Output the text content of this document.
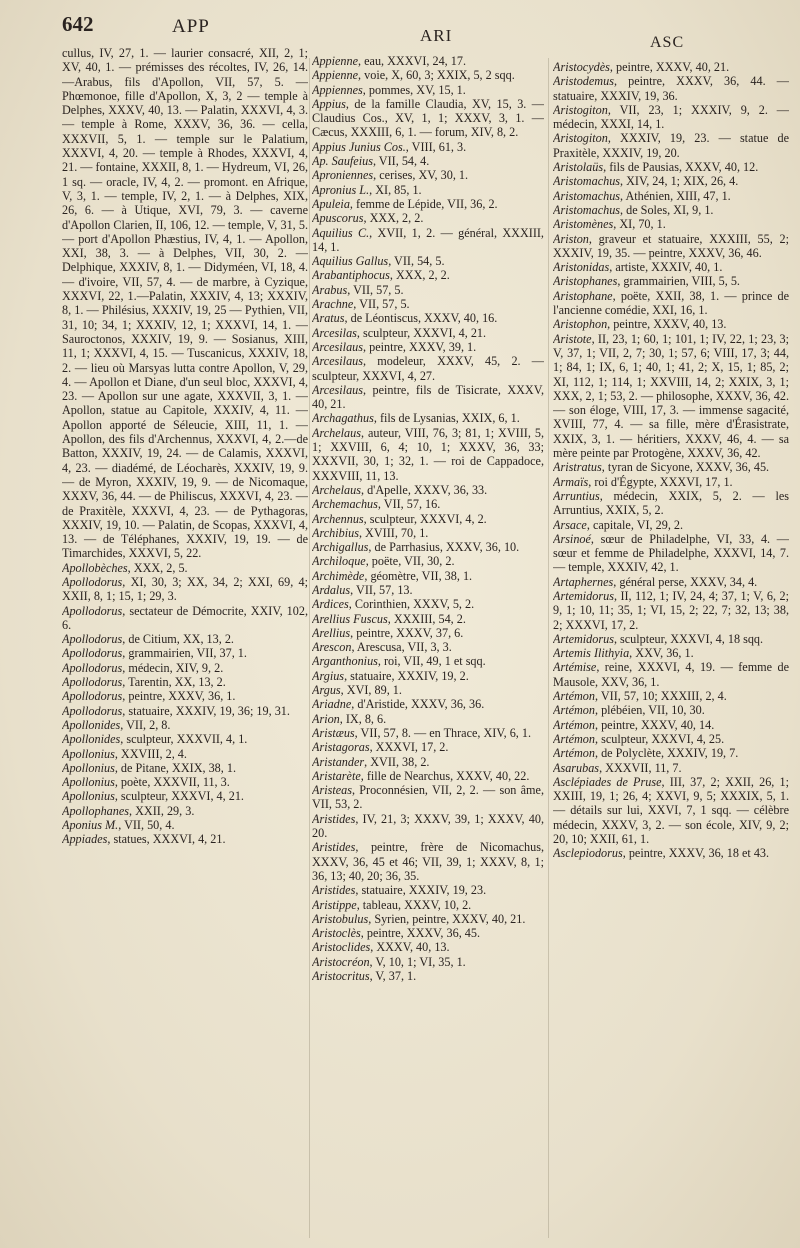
642	APP	ARI	ASC

cullus, IV, 27, 1. — laurier consacré, XII, 2, 1; XV, 40, 1. — prémisses des récoltes, IV, 26, 14. —Arabus, fils d'Apollon, VII, 57, 5. — Phœmonoe, fille d'Apollon, X, 3, 2 — temple à Delphes, XXXV, 40, 13. — Palatin, XXXVI, 4, 3. — temple à Rome, XXXV, 36, 36. — cella, XXXVII, 5, 1. — temple sur le Palatium, XXXVI, 4, 20. — temple à Rhodes, XXXVI, 4, 21. — fontaine, XXXII, 8, 1. — Hydreum, VI, 26, 1 sq. — oracle, IV, 4, 2. — promont. en Afrique, V, 3, 1. — temple, IV, 2, 1. — à Delphes, XIX, 26, 6. — à Utique, XVI, 79, 3. — caverne d'Apollon Clarien, II, 106, 12. — temple, V, 31, 5. — port d'Apollon Phæstius, IV, 4, 1. — Apollon, XXI, 38, 3. — à Delphes, VII, 30, 2. — Delphique, XXXIV, 8, 1. — Didyméen, VI, 18, 4. — d'ivoire, VII, 57, 4. — de marbre, à Cyzique, XXXVI, 22, 1.—Palatin, XXXIV, 4, 13; XXXIV, 8, 1. — Philésius, XXXIV, 19, 25 — Pythien, VII, 31, 10; 34, 1; XXXIV, 12, 1; XXXVI, 14, 1. — Sauroctonos, XXXIV, 19, 9. — Sosianus, XIII, 11, 1; XXXVI, 4, 15. — Tuscanicus, XXXIV, 18, 2. — lieu où Marsyas lutta contre Apollon, V, 29, 4. — Apollon et Diane, d'un seul bloc, XXXVI, 4, 23. — Apollon sur une agate, XXXVII, 3, 1. — Apollon, statue au Capitole, XXXIV, 4, 11. — Apollon apporté de Séleucie, XIII, 11, 1. — Apollon, des fils d'Archennus, XXXVI, 4, 2.—de Batton, XXXIV, 19, 24. — de Calamis, XXXVI, 4, 23. — diadémé, de Léocharès, XXXIV, 19, 9. — de Myron, XXXIV, 19, 9. — de Nicomaque, XXXV, 36, 44. — de Philiscus, XXXVI, 4, 23. — de Praxitèle, XXXVI, 4, 23. — de Pythagoras, XXXIV, 19, 10. — Palatin, de Scopas, XXXVI, 4, 13. — de Téléphanes, XXXIV, 19, 19. — de Timarchides, XXXVI, 5, 22.

Apollobèches, XXX, 2, 5.

Apollodorus, XI, 30, 3; XX, 34, 2; XXI, 69, 4; XXII, 8, 1; 15, 1; 29, 3.

Apollodorus, sectateur de Démocrite, XXIV, 102, 6.

Apollodorus, de Citium, XX, 13, 2.

Apollodorus, grammairien, VII, 37, 1.

Apollodorus, médecin, XIV, 9, 2.

Apollodorus, Tarentin, XX, 13, 2.

Apollodorus, peintre, XXXV, 36, 1.

Apollodorus, statuaire, XXXIV, 19, 36; 19, 31.

Apollonides, VII, 2, 8.

Apollonides, sculpteur, XXXVII, 4, 1.

Apollonius, XXVIII, 2, 4.

Apollonius, de Pitane, XXIX, 38, 1.

Apollonius, poète, XXXVII, 11, 3.

Apollonius, sculpteur, XXXVI, 4, 21.

Apollophanes, XXII, 29, 3.

Aponius M., VII, 50, 4.

Appiades, statues, XXXVI, 4, 21.

Appienne, eau, XXXVI, 24, 17.

Appienne, voie, X, 60, 3; XXIX, 5, 2 sqq.

Appiennes, pommes, XV, 15, 1.

Appius, de la famille Claudia, XV, 15, 3. — Claudius Cos., XV, 1, 1; XXXV, 3, 1. — Cæcus, XXXIII, 6, 1. — forum, XIV, 8, 2.

Appius Junius Cos., VIII, 61, 3.

Ap. Saufeius, VII, 54, 4.

Aproniennes, cerises, XV, 30, 1.

Apronius L., XI, 85, 1.

Apuleia, femme de Lépide, VII, 36, 2.

Apuscorus, XXX, 2, 2.

Aquilius C., XVII, 1, 2. — général, XXXIII, 14, 1.

Aquilius Gallus, VII, 54, 5.

Arabantiphocus, XXX, 2, 2.

Arabus, VII, 57, 5.

Arachne, VII, 57, 5.

Aratus, de Léontiscus, XXXV, 40, 16.

Arcesilas, sculpteur, XXXVI, 4, 21.

Arcesilaus, peintre, XXXV, 39, 1.

Arcesilaus, modeleur, XXXV, 45, 2. — sculpteur, XXXVI, 4, 27.

Arcesilaus, peintre, fils de Tisicrate, XXXV, 40, 21.

Archagathus, fils de Lysanias, XXIX, 6, 1.

Archelaus, auteur, VIII, 76, 3; 81, 1; XVIII, 5, 1; XXVIII, 6, 4; 10, 1; XXXV, 36, 33; XXXVII, 30, 1; 32, 1. — roi de Cappadoce, XXXVIII, 11, 13.

Archelaus, d'Apelle, XXXV, 36, 33.

Archemachus, VII, 57, 16.

Archennus, sculpteur, XXXVI, 4, 2.

Archibius, XVIII, 70, 1.

Archigallus, de Parrhasius, XXXV, 36, 10.

Archiloque, poëte, VII, 30, 2.

Archimède, géomètre, VII, 38, 1.

Ardalus, VII, 57, 13.

Ardices, Corinthien, XXXV, 5, 2.

Arellius Fuscus, XXXIII, 54, 2.

Arellius, peintre, XXXV, 37, 6.

Arescon, Arescusa, VII, 3, 3.

Arganthonius, roi, VII, 49, 1 et sqq.

Argius, statuaire, XXXIV, 19, 2.

Argus, XVI, 89, 1.

Ariadne, d'Aristide, XXXV, 36, 36.

Arion, IX, 8, 6.

Aristæus, VII, 57, 8. — en Thrace, XIV, 6, 1.

Aristagoras, XXXVI, 17, 2.

Aristander, XVII, 38, 2.

Aristarète, fille de Nearchus, XXXV, 40, 22.

Aristeas, Proconnésien, VII, 2, 2. — son âme, VII, 53, 2.

Aristides, IV, 21, 3; XXXV, 39, 1; XXXV, 40, 20.

Aristides, peintre, frère de Nicomachus, XXXV, 36, 45 et 46; VII, 39, 1; XXXV, 8, 1; 36, 13; 40, 20; 36, 35.

Aristides, statuaire, XXXIV, 19, 23.

Aristippe, tableau, XXXV, 10, 2.

Aristobulus, Syrien, peintre, XXXV, 40, 21.

Aristoclès, peintre, XXXV, 36, 45.

Aristoclides, XXXV, 40, 13.

Aristocréon, V, 10, 1; VI, 35, 1.

Aristocritus, V, 37, 1.

Aristocydès, peintre, XXXV, 40, 21.

Aristodemus, peintre, XXXV, 36, 44. — statuaire, XXXIV, 19, 36.

Aristogiton, VII, 23, 1; XXXIV, 9, 2. — médecin, XXXI, 14, 1.

Aristogiton, XXXIV, 19, 23. — statue de Praxitèle, XXXIV, 19, 20.

Aristolaüs, fils de Pausias, XXXV, 40, 12.

Aristomachus, XIV, 24, 1; XIX, 26, 4.

Aristomachus, Athénien, XIII, 47, 1.

Aristomachus, de Soles, XI, 9, 1.

Aristomènes, XI, 70, 1.

Ariston, graveur et statuaire, XXXIII, 55, 2; XXXIV, 19, 35. — peintre, XXXV, 36, 46.

Aristonidas, artiste, XXXIV, 40, 1.

Aristophanes, grammairien, VIII, 5, 5.

Aristophane, poëte, XXII, 38, 1. — prince de l'ancienne comédie, XXI, 16, 1.

Aristophon, peintre, XXXV, 40, 13.

Aristote, II, 23, 1; 60, 1; 101, 1; IV, 22, 1; 23, 3; V, 37, 1; VII, 2, 7; 30, 1; 57, 6; VIII, 17, 3; 44, 1; 84, 1; IX, 6, 1; 40, 1; 41, 2; X, 15, 1; 85, 2; XI, 112, 1; 114, 1; XXVIII, 14, 2; XXIX, 3, 1; XXX, 2, 1; 53, 2. — philosophe, XXXV, 36, 42. — son éloge, VIII, 17, 3. — immense sagacité, XVIII, 77, 4. — sa fille, mère d'Érasistrate, XXIX, 3, 1. — héritiers, XXXV, 46, 4. — sa mère peinte par Protogène, XXXV, 36, 42.

Aristratus, tyran de Sicyone, XXXV, 36, 45.

Armaïs, roi d'Égypte, XXXVI, 17, 1.

Arruntius, médecin, XXIX, 5, 2. — les Arruntius, XXIX, 5, 2.

Arsace, capitale, VI, 29, 2.

Arsinoé, sœur de Philadelphe, VI, 33, 4. — sœur et femme de Philadelphe, XXXVI, 14, 7. — temple, XXXIV, 42, 1.

Artaphernes, général perse, XXXV, 34, 4.

Artemidorus, II, 112, 1; IV, 24, 4; 37, 1; V, 6, 2; 9, 1; 10, 11; 35, 1; VI, 15, 2; 22, 7; 32, 13; 38, 2; XXXVI, 17, 2.

Artemidorus, sculpteur, XXXVI, 4, 18 sqq.

Artemis Ilithyia, XXV, 36, 1.

Artémise, reine, XXXVI, 4, 19. — femme de Mausole, XXV, 36, 1.

Artémon, VII, 57, 10; XXXIII, 2, 4.

Artémon, plébéien, VII, 10, 30.

Artémon, peintre, XXXV, 40, 14.

Artémon, sculpteur, XXXVI, 4, 25.

Artémon, de Polyclète, XXXIV, 19, 7.

Asarubas, XXXVII, 11, 7.

Asclépiades de Pruse, III, 37, 2; XXII, 26, 1; XXIII, 19, 1; 26, 4; XXVI, 9, 5; XXXIX, 5, 1. — détails sur lui, XXVI, 7, 1 sqq. — célèbre médecin, XXXV, 3, 2. — son école, XIV, 9, 2; 20, 10; XXII, 61, 1.

Asclepiodorus, peintre, XXXV, 36, 18 et 43.
